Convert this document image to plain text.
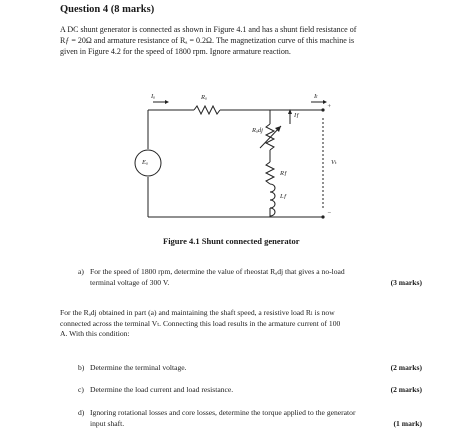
Question 4 (8 marks)
A DC shunt generator is connected as shown in Figure 4.1 and has a shunt field resistance of
Rƒ = 20Ω and armature resistance of Rₐ = 0.2Ω. The magnetization curve of this machine is
given in Figure 4.2 for the speed of 1800 rpm. Ignore armature reaction.
Iₐ	Rₐ	Iₗ
Iƒ
Rₐdj
Eₐ
Rƒ
Lƒ
Vₜ
+
−
Figure 4.1 Shunt connected generator
a) For the speed of 1800 rpm, determine the value of rheostat Rₐdj that gives a no-load
terminal voltage of 300 V.	(3 marks)
For the Rₐdj obtained in part (a) and maintaining the shaft speed, a resistive load Rₗ is now
connected across the terminal Vₜ. Connecting this load results in the armature current of 100
A. With this condition:
b) Determine the terminal voltage.	(2 marks)
c) Determine the load current and load resistance.	(2 marks)
d) Ignoring rotational losses and core losses, determine the torque applied to the generator
input shaft.	(1 mark)
